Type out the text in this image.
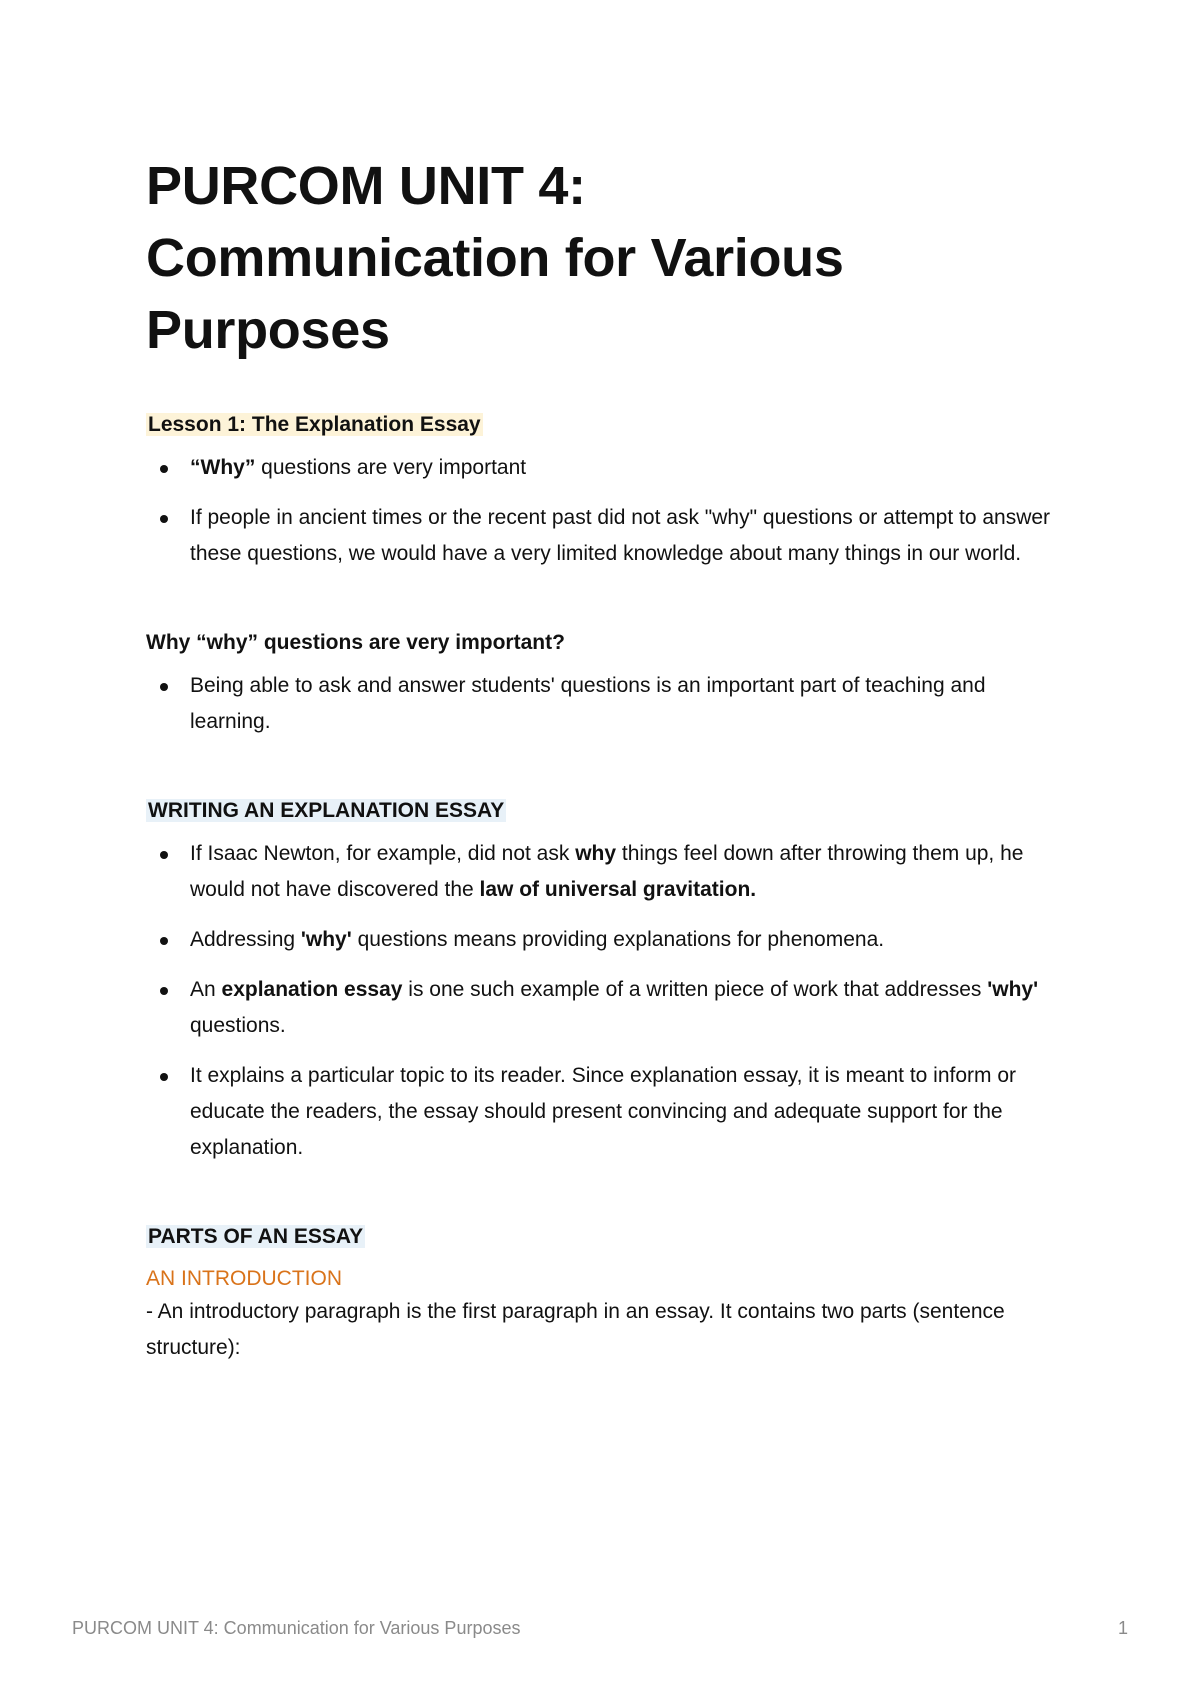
PURCOM UNIT 4:
Communication for Various
Purposes

Lesson 1: The Explanation Essay

“Why” questions are very important
If people in ancient times or the recent past did not ask "why" questions or attempt to answer these questions, we would have a very limited knowledge about many things in our world.

Why “why” questions are very important?

Being able to ask and answer students' questions is an important part of teaching and learning.

WRITING AN EXPLANATION ESSAY

If Isaac Newton, for example, did not ask why things feel down after throwing them up, he would not have discovered the law of universal gravitation.
Addressing 'why' questions means providing explanations for phenomena.
An explanation essay is one such example of a written piece of work that addresses 'why' questions.
It explains a particular topic to its reader. Since explanation essay, it is meant to inform or educate the readers, the essay should present convincing and adequate support for the explanation.

PARTS OF AN ESSAY

AN INTRODUCTION

- An introductory paragraph is the first paragraph in an essay. It contains two parts (sentence structure):

PURCOM UNIT 4: Communication for Various Purposes	1
